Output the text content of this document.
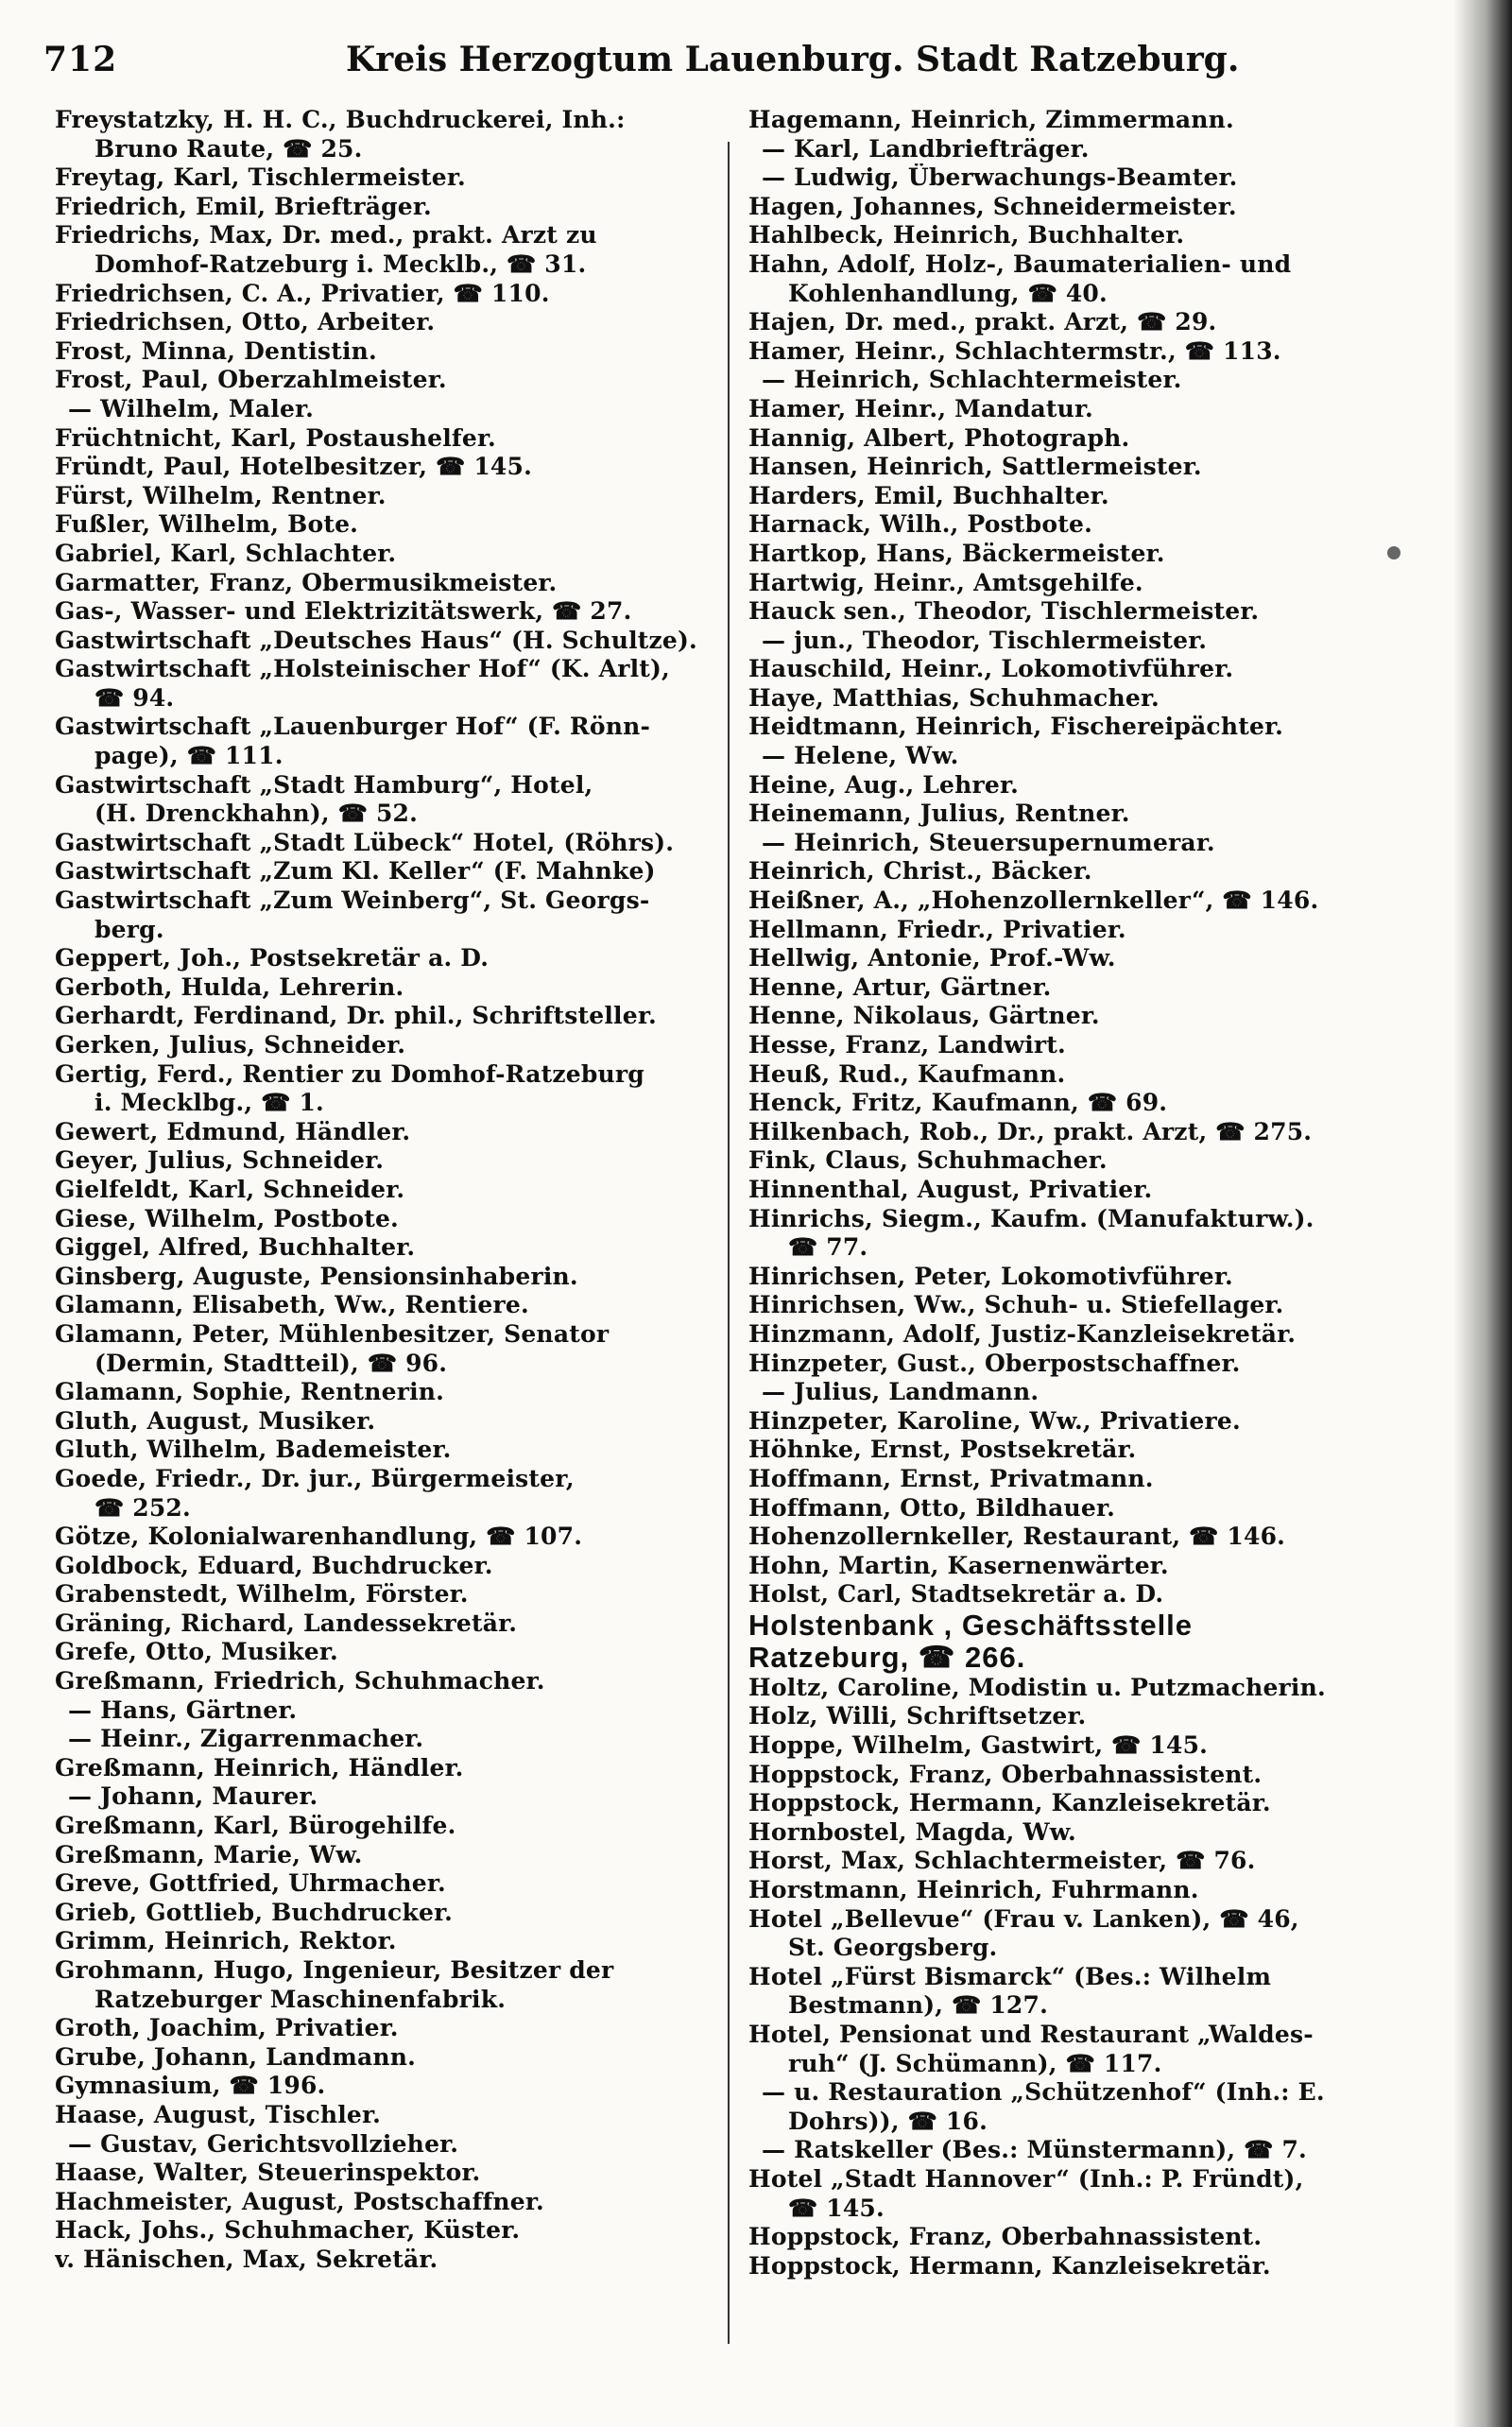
712	Kreis Herzogtum Lauenburg. Stadt Ratzeburg.
Freystatzky, H. H. C., Buchdruckerei, Inh.:
Bruno Raute, ☎ 25.
Freytag, Karl, Tischlermeister.
Friedrich, Emil, Briefträger.
Friedrichs, Max, Dr. med., prakt. Arzt zu
Domhof-Ratzeburg i. Mecklb., ☎ 31.
Friedrichsen, C. A., Privatier, ☎ 110.
Friedrichsen, Otto, Arbeiter.
Frost, Minna, Dentistin.
Frost, Paul, Oberzahlmeister.
— Wilhelm, Maler.
Früchtnicht, Karl, Postaushelfer.
Fründt, Paul, Hotelbesitzer, ☎ 145.
Fürst, Wilhelm, Rentner.
Fußler, Wilhelm, Bote.
Gabriel, Karl, Schlachter.
Garmatter, Franz, Obermusikmeister.
Gas-, Wasser- und Elektrizitätswerk, ☎ 27.
Gastwirtschaft „Deutsches Haus“ (H. Schultze).
Gastwirtschaft „Holsteinischer Hof“ (K. Arlt),
☎ 94.
Gastwirtschaft „Lauenburger Hof“ (F. Rönn-
page), ☎ 111.
Gastwirtschaft „Stadt Hamburg“, Hotel,
(H. Drenckhahn), ☎ 52.
Gastwirtschaft „Stadt Lübeck“ Hotel, (Röhrs).
Gastwirtschaft „Zum Kl. Keller“ (F. Mahnke)
Gastwirtschaft „Zum Weinberg“, St. Georgs-
berg.
Geppert, Joh., Postsekretär a. D.
Gerboth, Hulda, Lehrerin.
Gerhardt, Ferdinand, Dr. phil., Schriftsteller.
Gerken, Julius, Schneider.
Gertig, Ferd., Rentier zu Domhof-Ratzeburg
i. Mecklbg., ☎ 1.
Gewert, Edmund, Händler.
Geyer, Julius, Schneider.
Gielfeldt, Karl, Schneider.
Giese, Wilhelm, Postbote.
Giggel, Alfred, Buchhalter.
Ginsberg, Auguste, Pensionsinhaberin.
Glamann, Elisabeth, Ww., Rentiere.
Glamann, Peter, Mühlenbesitzer, Senator
(Dermin, Stadtteil), ☎ 96.
Glamann, Sophie, Rentnerin.
Gluth, August, Musiker.
Gluth, Wilhelm, Bademeister.
Goede, Friedr., Dr. jur., Bürgermeister,
☎ 252.
Götze, Kolonialwarenhandlung, ☎ 107.
Goldbock, Eduard, Buchdrucker.
Grabenstedt, Wilhelm, Förster.
Gräning, Richard, Landessekretär.
Grefe, Otto, Musiker.
Greßmann, Friedrich, Schuhmacher.
— Hans, Gärtner.
— Heinr., Zigarrenmacher.
Greßmann, Heinrich, Händler.
— Johann, Maurer.
Greßmann, Karl, Bürogehilfe.
Greßmann, Marie, Ww.
Greve, Gottfried, Uhrmacher.
Grieb, Gottlieb, Buchdrucker.
Grimm, Heinrich, Rektor.
Grohmann, Hugo, Ingenieur, Besitzer der
Ratzeburger Maschinenfabrik.
Groth, Joachim, Privatier.
Grube, Johann, Landmann.
Gymnasium, ☎ 196.
Haase, August, Tischler.
— Gustav, Gerichtsvollzieher.
Haase, Walter, Steuerinspektor.
Hachmeister, August, Postschaffner.
Hack, Johs., Schuhmacher, Küster.
v. Hänischen, Max, Sekretär.
Hagemann, Heinrich, Zimmermann.
— Karl, Landbriefträger.
— Ludwig, Überwachungs-Beamter.
Hagen, Johannes, Schneidermeister.
Hahlbeck, Heinrich, Buchhalter.
Hahn, Adolf, Holz-, Baumaterialien- und
Kohlenhandlung, ☎ 40.
Hajen, Dr. med., prakt. Arzt, ☎ 29.
Hamer, Heinr., Schlachtermstr., ☎ 113.
— Heinrich, Schlachtermeister.
Hamer, Heinr., Mandatur.
Hannig, Albert, Photograph.
Hansen, Heinrich, Sattlermeister.
Harders, Emil, Buchhalter.
Harnack, Wilh., Postbote.
Hartkop, Hans, Bäckermeister.
Hartwig, Heinr., Amtsgehilfe.
Hauck sen., Theodor, Tischlermeister.
— jun., Theodor, Tischlermeister.
Hauschild, Heinr., Lokomotivführer.
Haye, Matthias, Schuhmacher.
Heidtmann, Heinrich, Fischereipächter.
— Helene, Ww.
Heine, Aug., Lehrer.
Heinemann, Julius, Rentner.
— Heinrich, Steuersupernumerar.
Heinrich, Christ., Bäcker.
Heißner, A., „Hohenzollernkeller“, ☎ 146.
Hellmann, Friedr., Privatier.
Hellwig, Antonie, Prof.-Ww.
Henne, Artur, Gärtner.
Henne, Nikolaus, Gärtner.
Hesse, Franz, Landwirt.
Heuß, Rud., Kaufmann.
Henck, Fritz, Kaufmann, ☎ 69.
Hilkenbach, Rob., Dr., prakt. Arzt, ☎ 275.
Fink, Claus, Schuhmacher.
Hinnenthal, August, Privatier.
Hinrichs, Siegm., Kaufm. (Manufakturw.).
☎ 77.
Hinrichsen, Peter, Lokomotivführer.
Hinrichsen, Ww., Schuh- u. Stiefellager.
Hinzmann, Adolf, Justiz-Kanzleisekretär.
Hinzpeter, Gust., Oberpostschaffner.
— Julius, Landmann.
Hinzpeter, Karoline, Ww., Privatiere.
Höhnke, Ernst, Postsekretär.
Hoffmann, Ernst, Privatmann.
Hoffmann, Otto, Bildhauer.
Hohenzollernkeller, Restaurant, ☎ 146.
Hohn, Martin, Kasernenwärter.
Holst, Carl, Stadtsekretär a. D.
Holstenbank , Geschäftsstelle
Ratzeburg, ☎ 266.
Holtz, Caroline, Modistin u. Putzmacherin.
Holz, Willi, Schriftsetzer.
Hoppe, Wilhelm, Gastwirt, ☎ 145.
Hoppstock, Franz, Oberbahnassistent.
Hoppstock, Hermann, Kanzleisekretär.
Hornbostel, Magda, Ww.
Horst, Max, Schlachtermeister, ☎ 76.
Horstmann, Heinrich, Fuhrmann.
Hotel „Bellevue“ (Frau v. Lanken), ☎ 46,
St. Georgsberg.
Hotel „Fürst Bismarck“ (Bes.: Wilhelm
Bestmann), ☎ 127.
Hotel, Pensionat und Restaurant „Waldes-
ruh“ (J. Schümann), ☎ 117.
— u. Restauration „Schützenhof“ (Inh.: E.
Dohrs)), ☎ 16.
— Ratskeller (Bes.: Münstermann), ☎ 7.
Hotel „Stadt Hannover“ (Inh.: P. Fründt),
☎ 145.
Hoppstock, Franz, Oberbahnassistent.
Hoppstock, Hermann, Kanzleisekretär.
